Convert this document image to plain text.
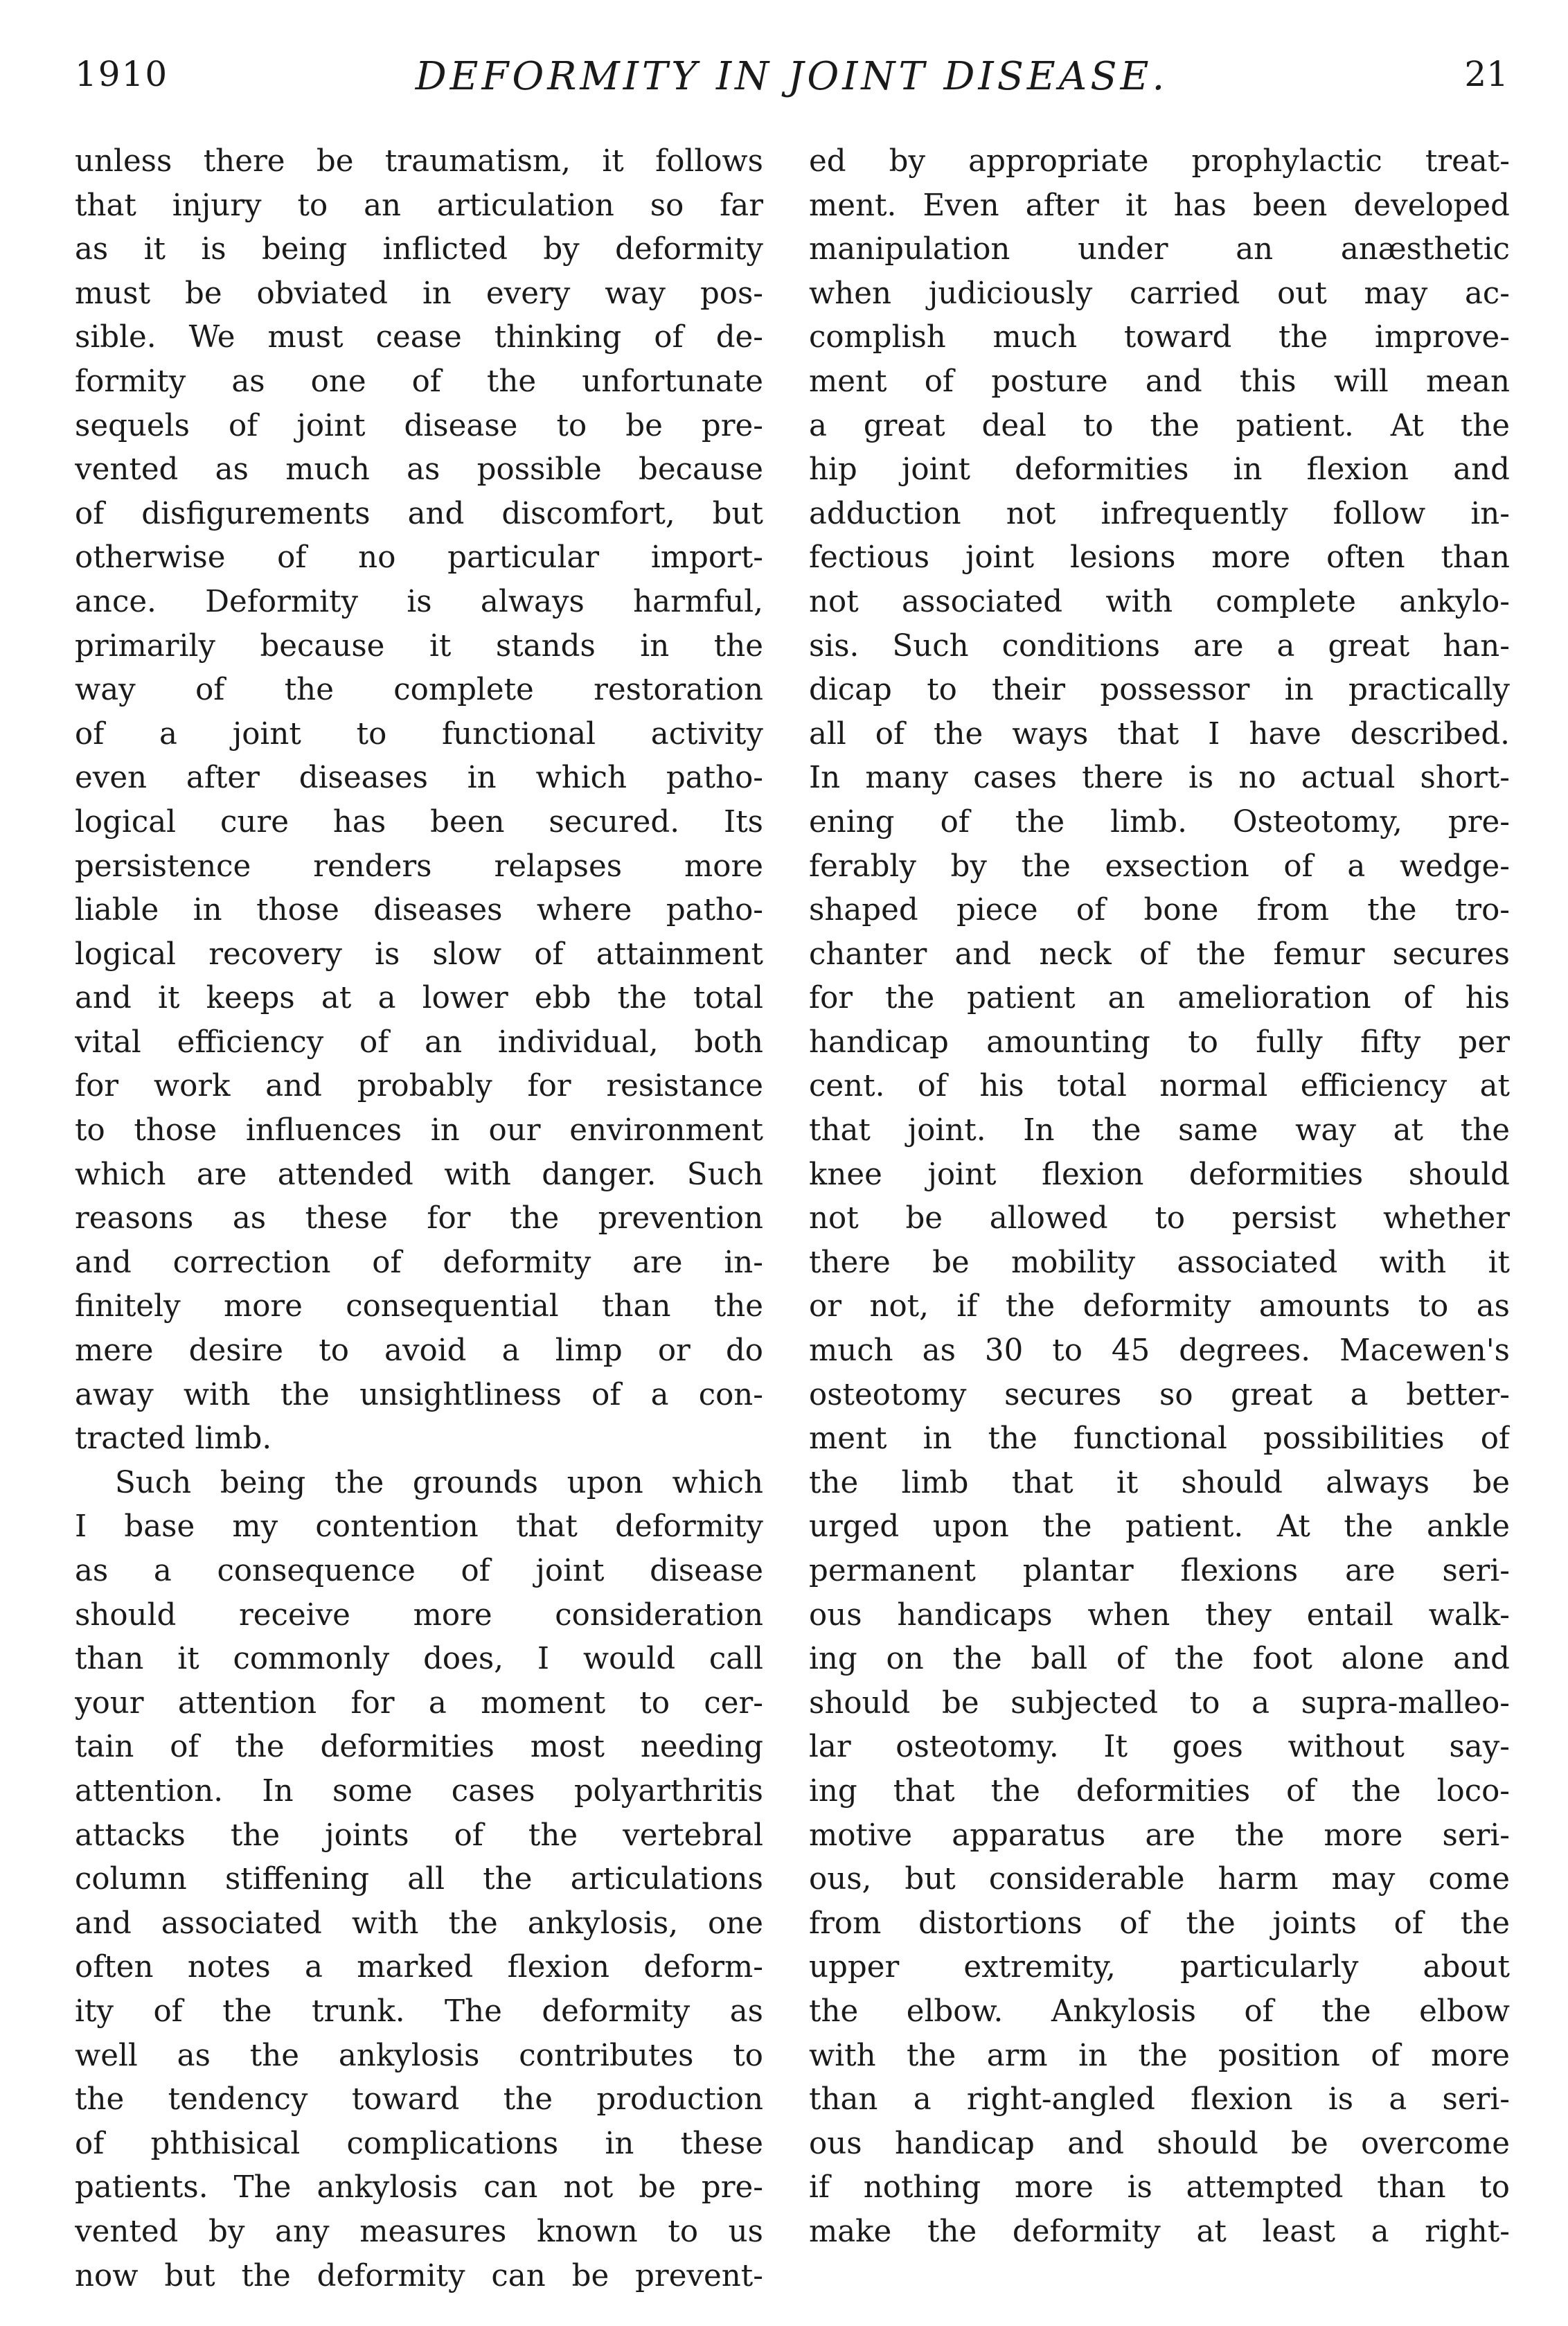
1910	DEFORMITY IN JOINT DISEASE.	21
unless there be traumatism, it follows
that injury to an articulation so far
as it is being inflicted by deformity
must be obviated in every way pos-
sible. We must cease thinking of de-
formity as one of the unfortunate
sequels of joint disease to be pre-
vented as much as possible because
of disfigurements and discomfort, but
otherwise of no particular import-
ance. Deformity is always harmful,
primarily because it stands in the
way of the complete restoration
of a joint to functional activity
even after diseases in which patho-
logical cure has been secured. Its
persistence renders relapses more
liable in those diseases where patho-
logical recovery is slow of attainment
and it keeps at a lower ebb the total
vital efficiency of an individual, both
for work and probably for resistance
to those influences in our environment
which are attended with danger. Such
reasons as these for the prevention
and correction of deformity are in-
finitely more consequential than the
mere desire to avoid a limp or do
away with the unsightliness of a con-
tracted limb.
Such being the grounds upon which
I base my contention that deformity
as a consequence of joint disease
should receive more consideration
than it commonly does, I would call
your attention for a moment to cer-
tain of the deformities most needing
attention. In some cases polyarthritis
attacks the joints of the vertebral
column stiffening all the articulations
and associated with the ankylosis, one
often notes a marked flexion deform-
ity of the trunk. The deformity as
well as the ankylosis contributes to
the tendency toward the production
of phthisical complications in these
patients. The ankylosis can not be pre-
vented by any measures known to us
now but the deformity can be prevent-
ed by appropriate prophylactic treat-
ment. Even after it has been developed
manipulation under an anæsthetic
when judiciously carried out may ac-
complish much toward the improve-
ment of posture and this will mean
a great deal to the patient. At the
hip joint deformities in flexion and
adduction not infrequently follow in-
fectious joint lesions more often than
not associated with complete ankylo-
sis. Such conditions are a great han-
dicap to their possessor in practically
all of the ways that I have described.
In many cases there is no actual short-
ening of the limb. Osteotomy, pre-
ferably by the exsection of a wedge-
shaped piece of bone from the tro-
chanter and neck of the femur secures
for the patient an amelioration of his
handicap amounting to fully fifty per
cent. of his total normal efficiency at
that joint. In the same way at the
knee joint flexion deformities should
not be allowed to persist whether
there be mobility associated with it
or not, if the deformity amounts to as
much as 30 to 45 degrees. Macewen's
osteotomy secures so great a better-
ment in the functional possibilities of
the limb that it should always be
urged upon the patient. At the ankle
permanent plantar flexions are seri-
ous handicaps when they entail walk-
ing on the ball of the foot alone and
should be subjected to a supra-malleo-
lar osteotomy. It goes without say-
ing that the deformities of the loco-
motive apparatus are the more seri-
ous, but considerable harm may come
from distortions of the joints of the
upper extremity, particularly about
the elbow. Ankylosis of the elbow
with the arm in the position of more
than a right-angled flexion is a seri-
ous handicap and should be overcome
if nothing more is attempted than to
make the deformity at least a right-
